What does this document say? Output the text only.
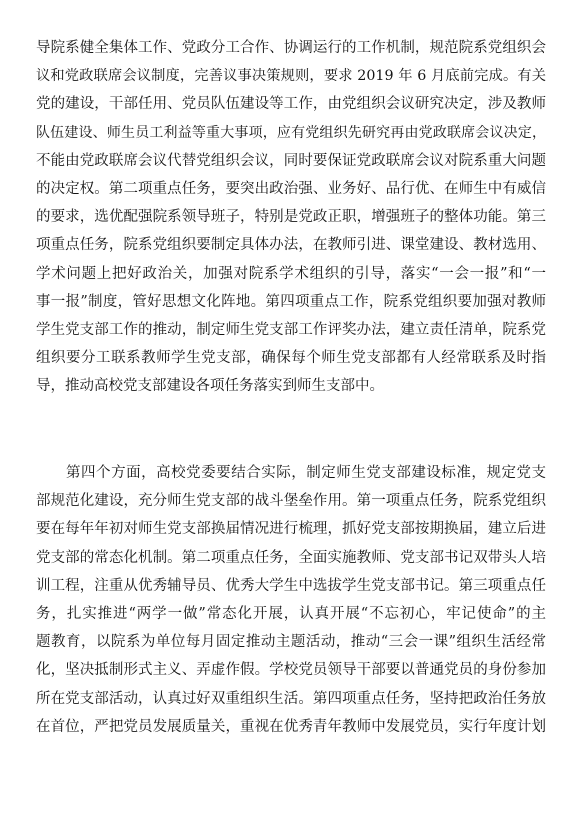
导院系健全集体工作、党政分工合作、协调运行的工作机制，规范院系党组织会
议和党政联席会议制度，完善议事决策规则，要求 2019 年 6 月底前完成。有关
党的建设，干部任用、党员队伍建设等工作，由党组织会议研究决定，涉及教师
队伍建设、师生员工利益等重大事项，应有党组织先研究再由党政联席会议决定，
不能由党政联席会议代替党组织会议，同时要保证党政联席会议对院系重大问题
的决定权。第二项重点任务，要突出政治强、业务好、品行优、在师生中有威信
的要求，选优配强院系领导班子，特别是党政正职，增强班子的整体功能。第三
项重点任务，院系党组织要制定具体办法，在教师引进、课堂建设、教材选用、
学术问题上把好政治关，加强对院系学术组织的引导，落实“一会一报”和“一
事一报”制度，管好思想文化阵地。第四项重点工作，院系党组织要加强对教师
学生党支部工作的推动，制定师生党支部工作评奖办法，建立责任清单，院系党
组织要分工联系教师学生党支部，确保每个师生党支部都有人经常联系及时指
导，推动高校党支部建设各项任务落实到师生支部中。
　　第四个方面，高校党委要结合实际，制定师生党支部建设标准，规定党支
部规范化建设，充分师生党支部的战斗堡垒作用。第一项重点任务，院系党组织
要在每年年初对师生党支部换届情况进行梳理，抓好党支部按期换届，建立后进
党支部的常态化机制。第二项重点任务，全面实施教师、党支部书记双带头人培
训工程，注重从优秀辅导员、优秀大学生中选拔学生党支部书记。第三项重点任
务，扎实推进“两学一做”常态化开展，认真开展“不忘初心，牢记使命”的主
题教育，以院系为单位每月固定推动主题活动，推动“三会一课”组织生活经常
化，坚决抵制形式主义、弄虚作假。学校党员领导干部要以普通党员的身份参加
所在党支部活动，认真过好双重组织生活。第四项重点任务，坚持把政治任务放
在首位，严把党员发展质量关，重视在优秀青年教师中发展党员，实行年度计划
